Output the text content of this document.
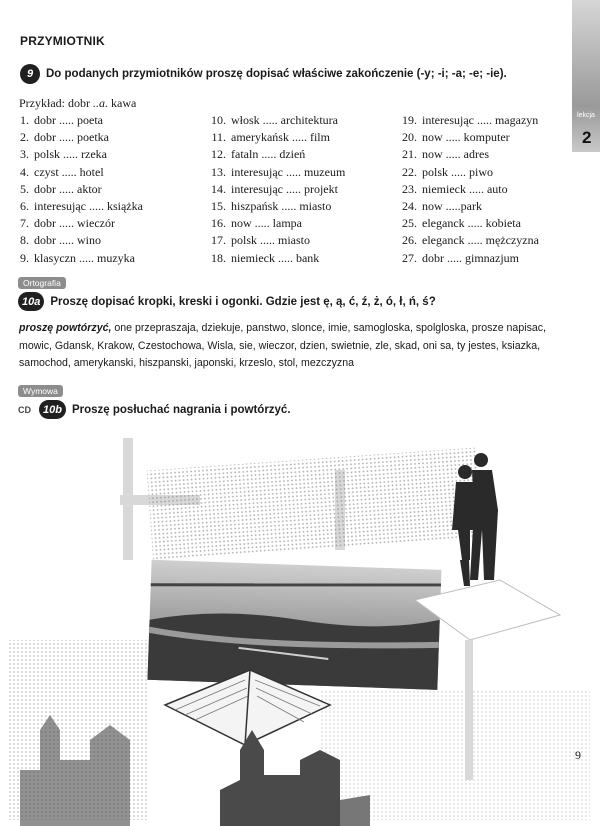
PRZYMIOTNIK
lekcja
2
9	Do podanych przymiotników proszę dopisać właściwe zakończenie (-y; -i; -a; -e; -ie).
Przykład: dobr ..a. kawa
1. dobr ..... poeta
2. dobr ..... poetka
3. polsk ..... rzeka
4. czyst ..... hotel
5. dobr ..... aktor
6. interesując ..... książka
7. dobr ..... wieczór
8. dobr ..... wino
9. klasyczn ..... muzyka
10. włosk ..... architektura
11. amerykańsk ..... film
12. fataln ..... dzień
13. interesując ..... muzeum
14. interesując ..... projekt
15. hiszpańsk ..... miasto
16. now ..... lampa
17. polsk ..... miasto
18. niemieck ..... bank
19. interesując ..... magazyn
20. now ..... komputer
21. now ..... adres
22. polsk ..... piwo
23. niemieck ..... auto
24. now .....park
25. eleganck ..... kobieta
26. eleganck ..... mężczyzna
27. dobr ..... gimnazjum
Ortografia
10a Proszę dopisać kropki, kreski i ogonki. Gdzie jest ę, ą, ć, ź, ż, ó, ł, ń, ś?
proszę powtórzyć, one przepraszaja, dziekuje, panstwo, slonce, imie, samogloska, spolgloska, prosze napisac, mowic, Gdansk, Krakow, Czestochowa, Wisla, sie, wieczor, dzien, swietnie, zle, skad, oni sa, ty jestes, ksiazka, samochod, amerykanski, hiszpanski, japonski, krzeslo, stol, mezczyzna
Wymowa
CD	10b Proszę posłuchać nagrania i powtórzyć.
9
